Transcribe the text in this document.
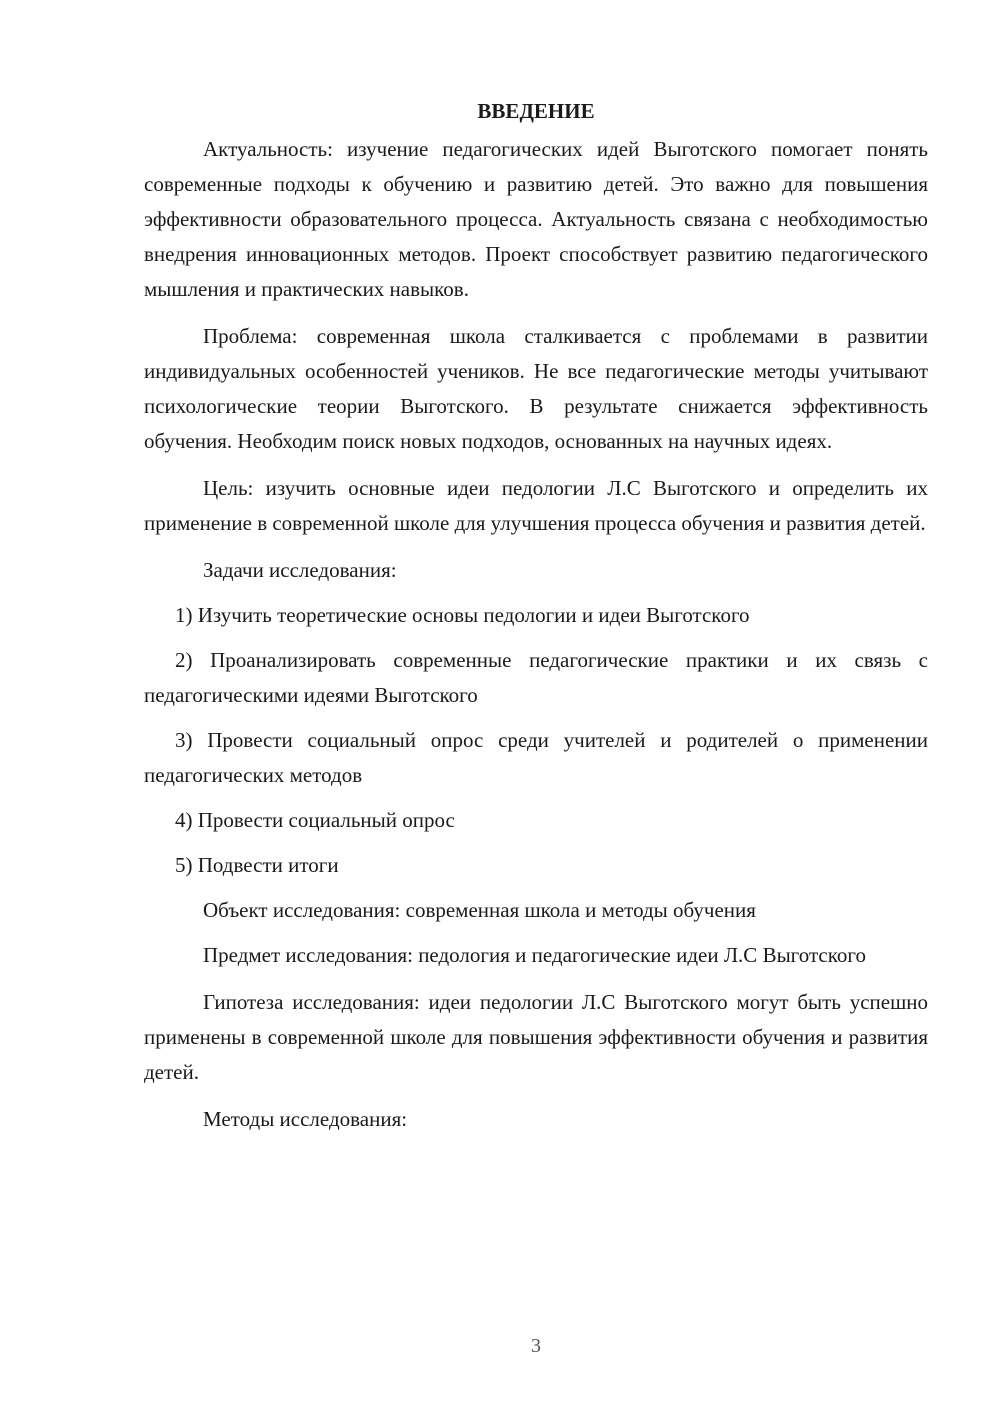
ВВЕДЕНИЕ

Актуальность: изучение педагогических идей Выготского помогает понять современные подходы к обучению и развитию детей. Это важно для повышения эффективности образовательного процесса. Актуальность связана с необходимостью внедрения инновационных методов. Проект способствует развитию педагогического мышления и практических навыков.

Проблема: современная школа сталкивается с проблемами в развитии индивидуальных особенностей учеников. Не все педагогические методы учитывают психологические теории Выготского. В результате снижается эффективность обучения. Необходим поиск новых подходов, основанных на научных идеях.

Цель: изучить основные идеи педологии Л.С Выготского и определить их применение в современной школе для улучшения процесса обучения и развития детей.

Задачи исследования:

1) Изучить теоретические основы педологии и идеи Выготского

2) Проанализировать современные педагогические практики и их связь с педагогическими идеями Выготского

3) Провести социальный опрос среди учителей и родителей о применении педагогических методов

4) Провести социальный опрос

5) Подвести итоги

Объект исследования: современная школа и методы обучения

Предмет исследования: педология и педагогические идеи Л.С Выготского

Гипотеза исследования: идеи педологии Л.С Выготского могут быть успешно применены в современной школе для повышения эффективности обучения и развития детей.

Методы исследования:

3
